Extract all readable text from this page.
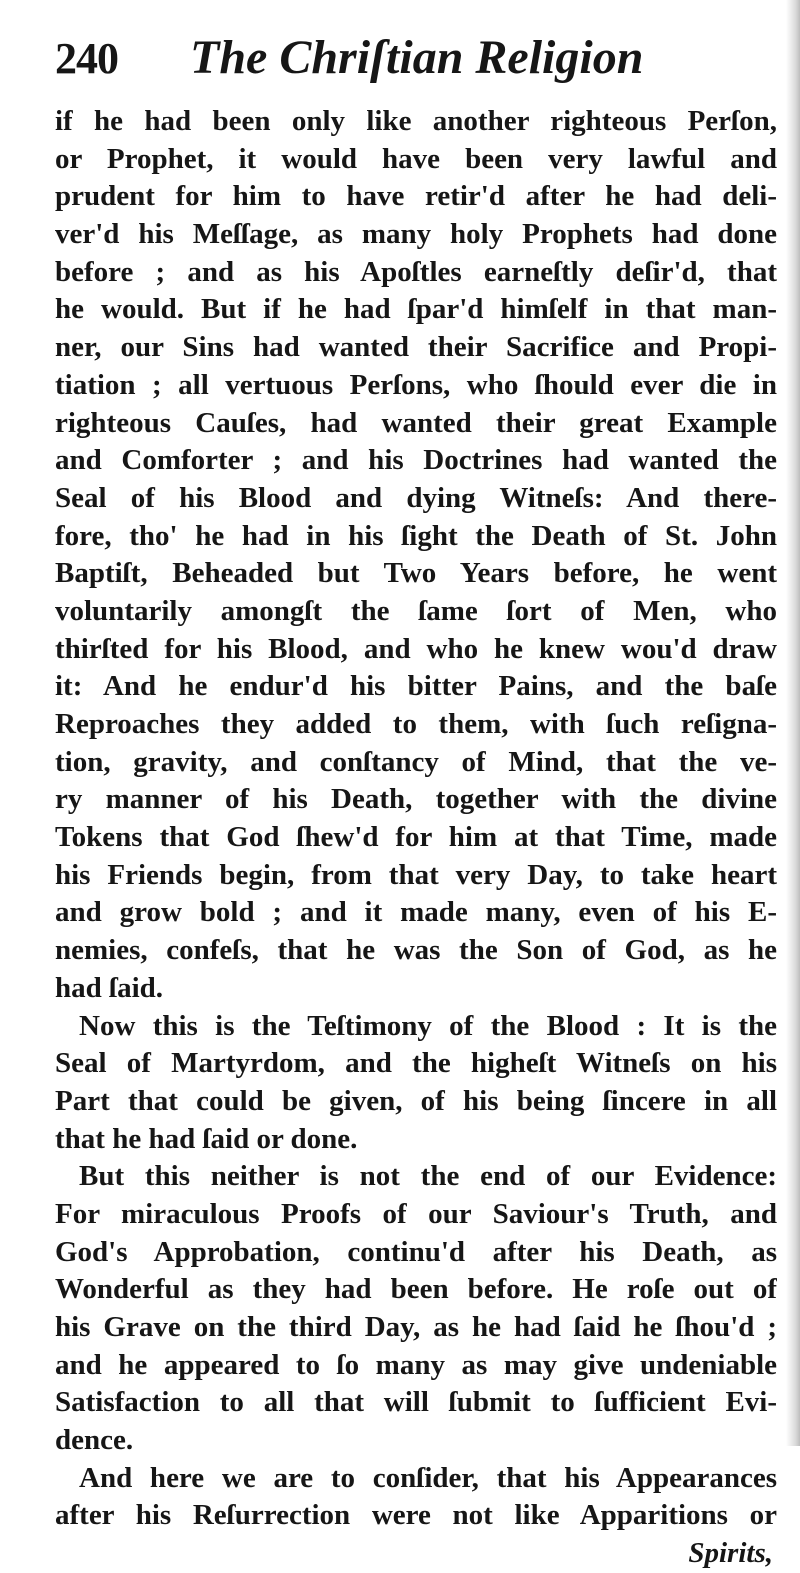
240	The Chriſtian Religion
if he had been only like another righteous Perſon,
or Prophet, it would have been very lawful and
prudent for him to have retir'd after he had deli-
ver'd his Meſſage, as many holy Prophets had done
before ; and as his Apoſtles earneſtly deſir'd, that
he would. But if he had ſpar'd himſelf in that man-
ner, our Sins had wanted their Sacrifice and Propi-
tiation ; all vertuous Perſons, who ſhould ever die in
righteous Cauſes, had wanted their great Example
and Comforter ; and his Doctrines had wanted the
Seal of his Blood and dying Witneſs: And there-
fore, tho' he had in his ſight the Death of St. John
Baptiſt, Beheaded but Two Years before, he went
voluntarily amongſt the ſame ſort of Men, who
thirſted for his Blood, and who he knew wou'd draw
it: And he endur'd his bitter Pains, and the baſe
Reproaches they added to them, with ſuch reſigna-
tion, gravity, and conſtancy of Mind, that the ve-
ry manner of his Death, together with the divine
Tokens that God ſhew'd for him at that Time, made
his Friends begin, from that very Day, to take heart
and grow bold ; and it made many, even of his E-
nemies, confeſs, that he was the Son of God, as he
had ſaid.
Now this is the Teſtimony of the Blood : It is the
Seal of Martyrdom, and the higheſt Witneſs on his
Part that could be given, of his being ſincere in all
that he had ſaid or done.
But this neither is not the end of our Evidence:
For miraculous Proofs of our Saviour's Truth, and
God's Approbation, continu'd after his Death, as
Wonderful as they had been before. He roſe out of
his Grave on the third Day, as he had ſaid he ſhou'd ;
and he appeared to ſo many as may give undeniable
Satisfaction to all that will ſubmit to ſufficient Evi-
dence.
And here we are to conſider, that his Appearances
after his Reſurrection were not like Apparitions or
Spirits,
